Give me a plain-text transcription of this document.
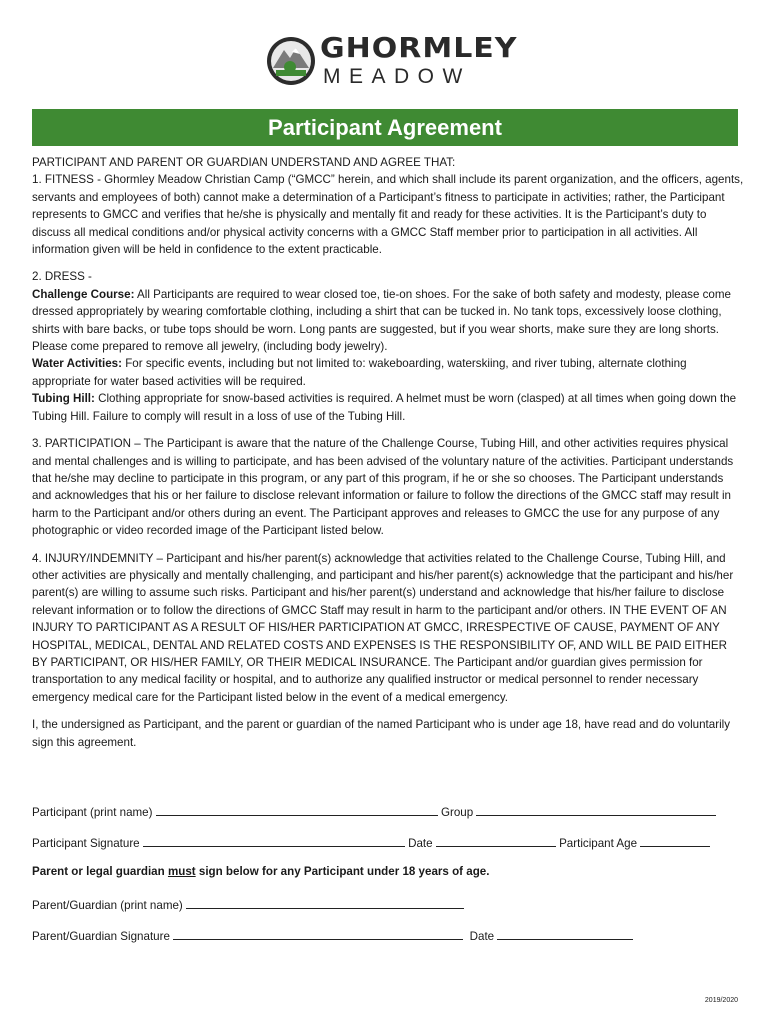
GHORMLEY
MEADOW
Participant Agreement

PARTICIPANT AND PARENT OR GUARDIAN UNDERSTAND AND AGREE THAT:
1. FITNESS - Ghormley Meadow Christian Camp (“GMCC” herein, and which shall include its parent organization, and the officers, agents, servants and employees of both) cannot make a determination of a Participant’s fitness to participate in activities; rather, the Participant represents to GMCC and verifies that he/she is physically and mentally fit and ready for these activities. It is the Participant’s duty to discuss all medical conditions and/or physical activity concerns with a GMCC Staff member prior to participation in all activities. All information given will be held in confidence to the extent practicable.

2. DRESS -
Challenge Course: All Participants are required to wear closed toe, tie-on shoes. For the sake of both safety and modesty, please come dressed appropriately by wearing comfortable clothing, including a shirt that can be tucked in. No tank tops, excessively loose clothing, shirts with bare backs, or tube tops should be worn. Long pants are suggested, but if you wear shorts, make sure they are long shorts. Please come prepared to remove all jewelry, (including body jewelry).
Water Activities: For specific events, including but not limited to: wakeboarding, waterskiing, and river tubing, alternate clothing appropriate for water based activities will be required.
Tubing Hill: Clothing appropriate for snow-based activities is required. A helmet must be worn (clasped) at all times when going down the Tubing Hill. Failure to comply will result in a loss of use of the Tubing Hill.

3. PARTICIPATION – The Participant is aware that the nature of the Challenge Course, Tubing Hill, and other activities requires physical and mental challenges and is willing to participate, and has been advised of the voluntary nature of the activities. Participant understands that he/she may decline to participate in this program, or any part of this program, if he or she so chooses. The Participant understands and acknowledges that his or her failure to disclose relevant information or failure to follow the directions of the GMCC staff may result in harm to the Participant and/or others during an event. The Participant approves and releases to GMCC the use for any purpose of any photographic or video recorded image of the Participant listed below.

4. INJURY/INDEMNITY – Participant and his/her parent(s) acknowledge that activities related to the Challenge Course, Tubing Hill, and other activities are physically and mentally challenging, and participant and his/her parent(s) acknowledge that the participant and his/her parent(s) are willing to assume such risks. Participant and his/her parent(s) understand and acknowledge that his/her failure to disclose relevant information or to follow the directions of GMCC Staff may result in harm to the participant and/or others. IN THE EVENT OF AN INJURY TO PARTICIPANT AS A RESULT OF HIS/HER PARTICIPATION AT GMCC, IRRESPECTIVE OF CAUSE, PAYMENT OF ANY HOSPITAL, MEDICAL, DENTAL AND RELATED COSTS AND EXPENSES IS THE RESPONSIBILITY OF, AND WILL BE PAID EITHER BY PARTICIPANT, OR HIS/HER FAMILY, OR THEIR MEDICAL INSURANCE. The Participant and/or guardian gives permission for transportation to any medical facility or hospital, and to authorize any qualified instructor or medical personnel to render necessary emergency medical care for the Participant listed below in the event of a medical emergency.

I, the undersigned as Participant, and the parent or guardian of the named Participant who is under age 18, have read and do voluntarily sign this agreement.

Participant (print name)	Group
Participant Signature	Date	Participant Age
Parent or legal guardian must sign below for any Participant under 18 years of age.
Parent/Guardian (print name)
Parent/Guardian Signature	Date
2019/2020
